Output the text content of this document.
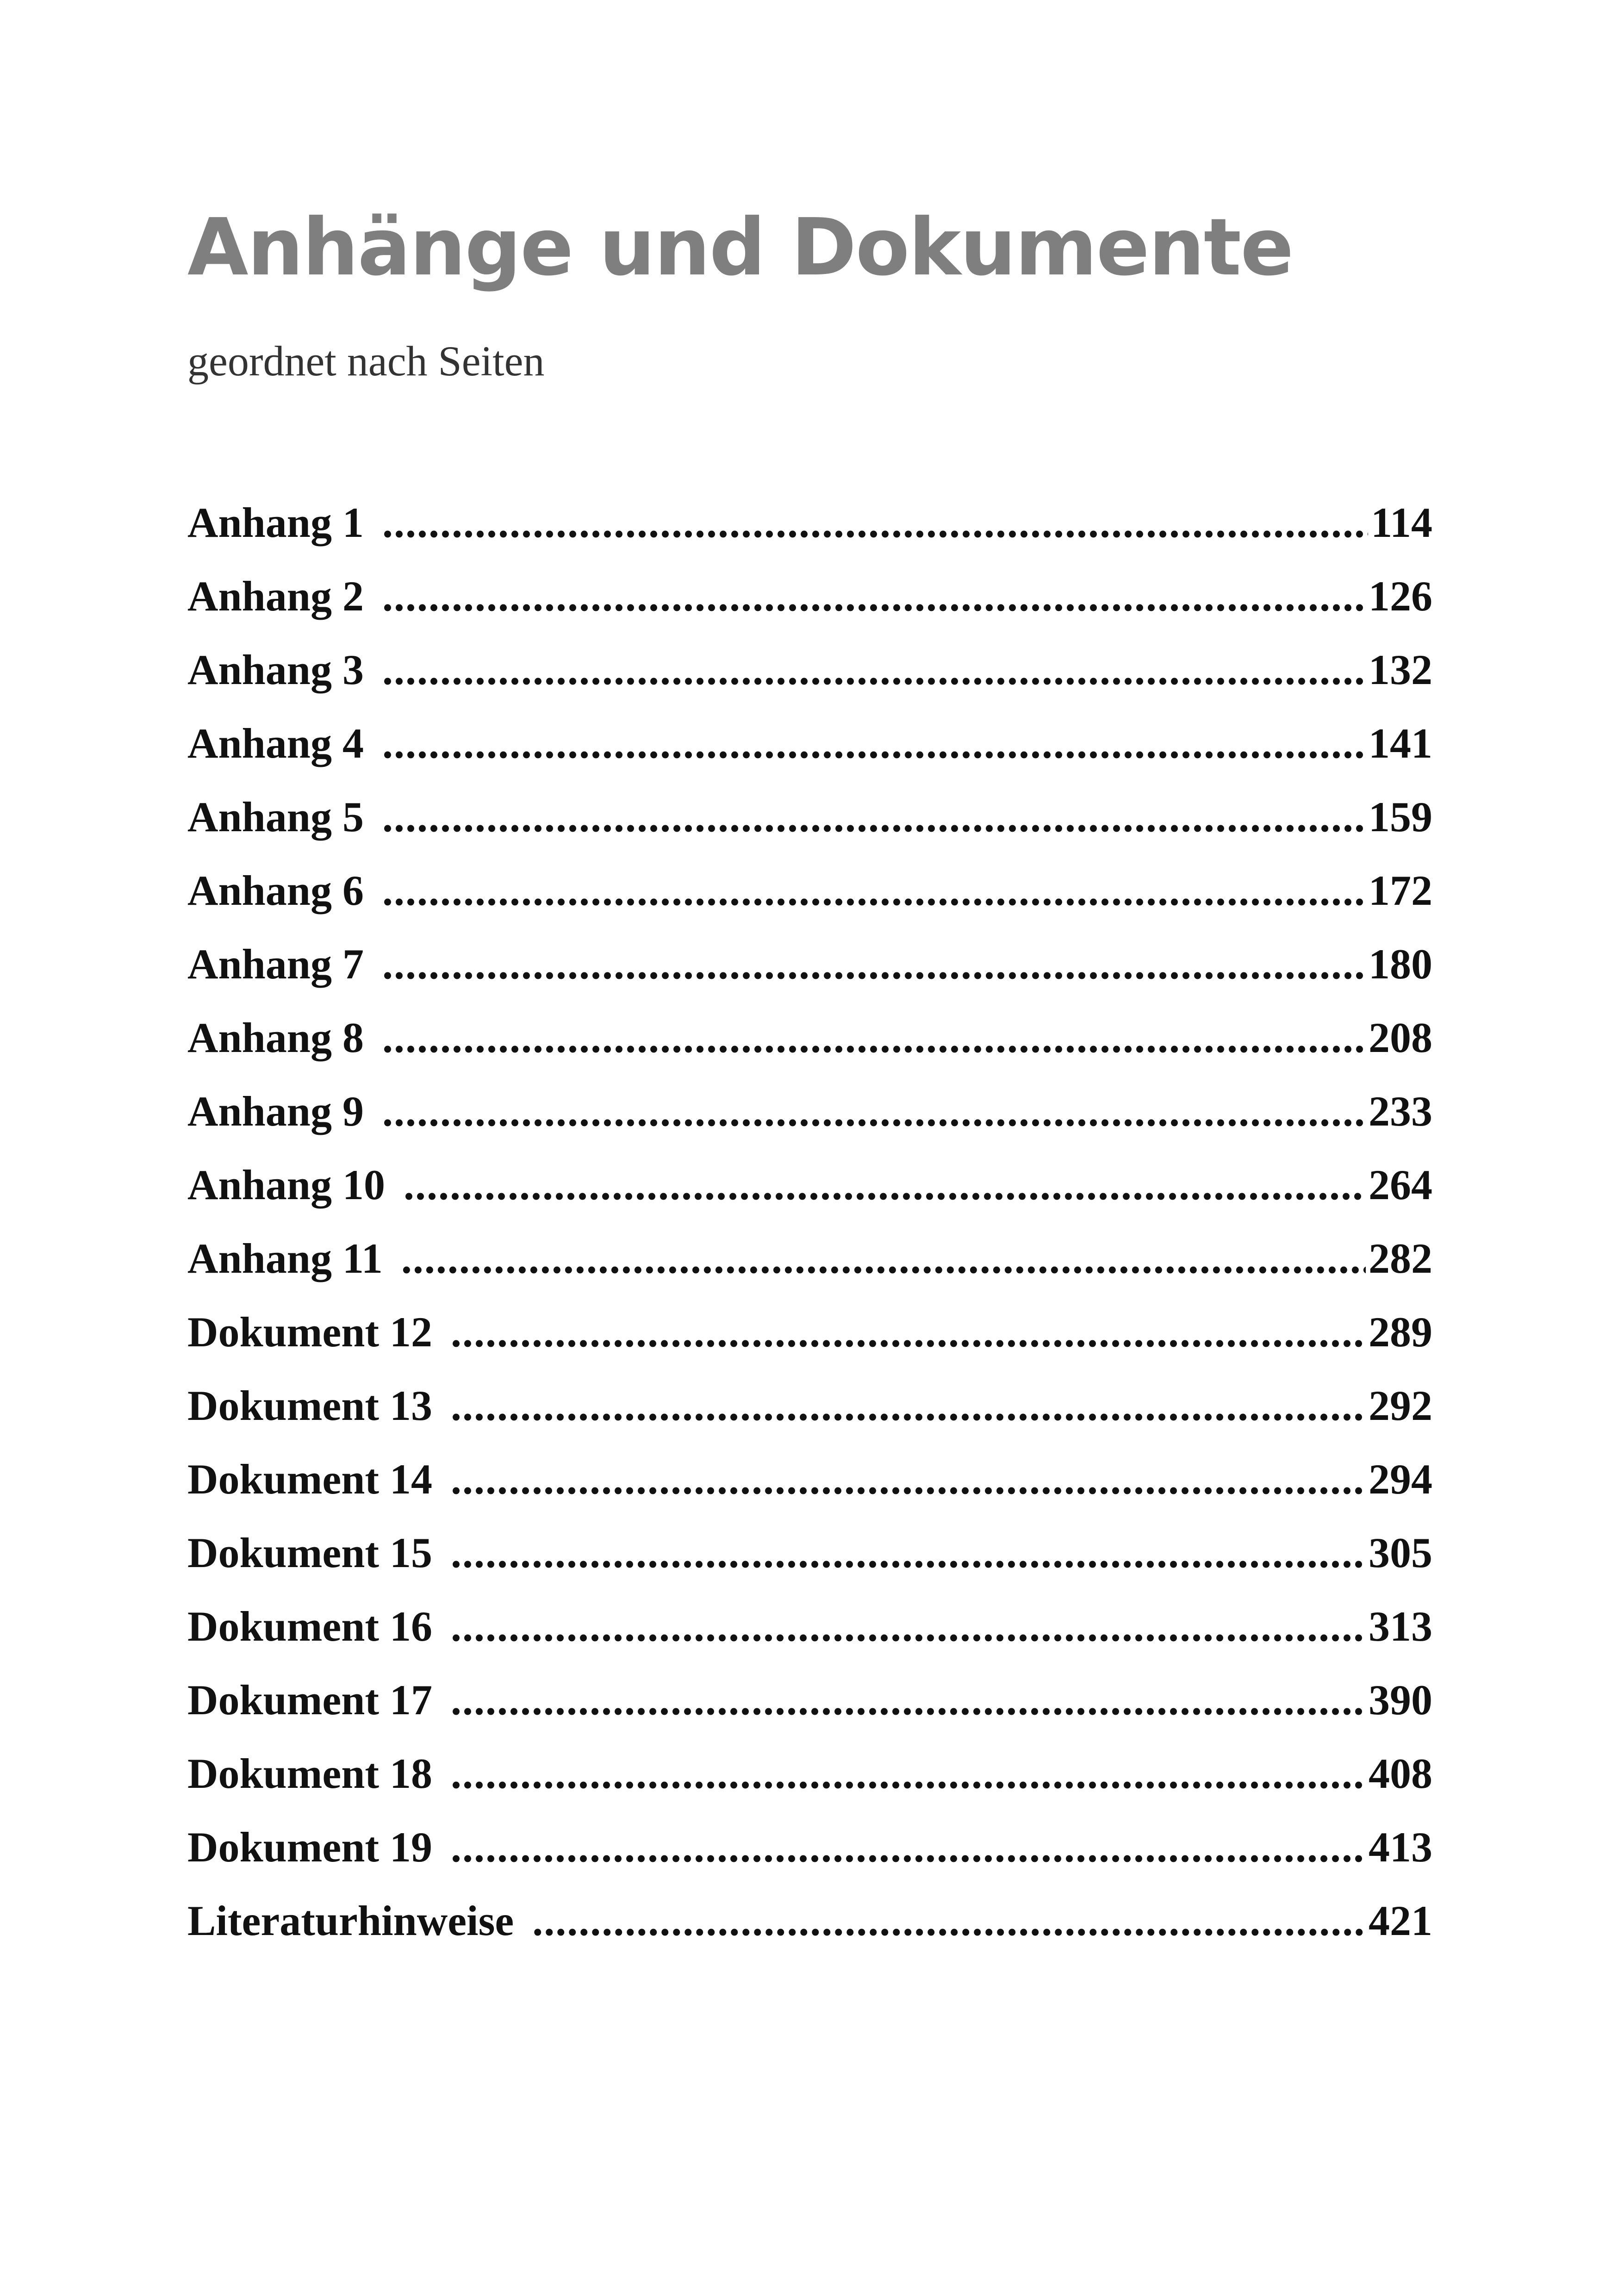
Anhänge und Dokumente

geordnet nach Seiten

Anhang 1 .....	114
Anhang 2 .....	126
Anhang 3 .....	132
Anhang 4 .....	141
Anhang 5 .....	159
Anhang 6 .....	172
Anhang 7 .....	180
Anhang 8 .....	208
Anhang 9 .....	233
Anhang 10 .....	264
Anhang 11 .....	282
Dokument 12 .....	289
Dokument 13 .....	292
Dokument 14 .....	294
Dokument 15 .....	305
Dokument 16 .....	313
Dokument 17 .....	390
Dokument 18 .....	408
Dokument 19 .....	413
Literaturhinweise .....	421
